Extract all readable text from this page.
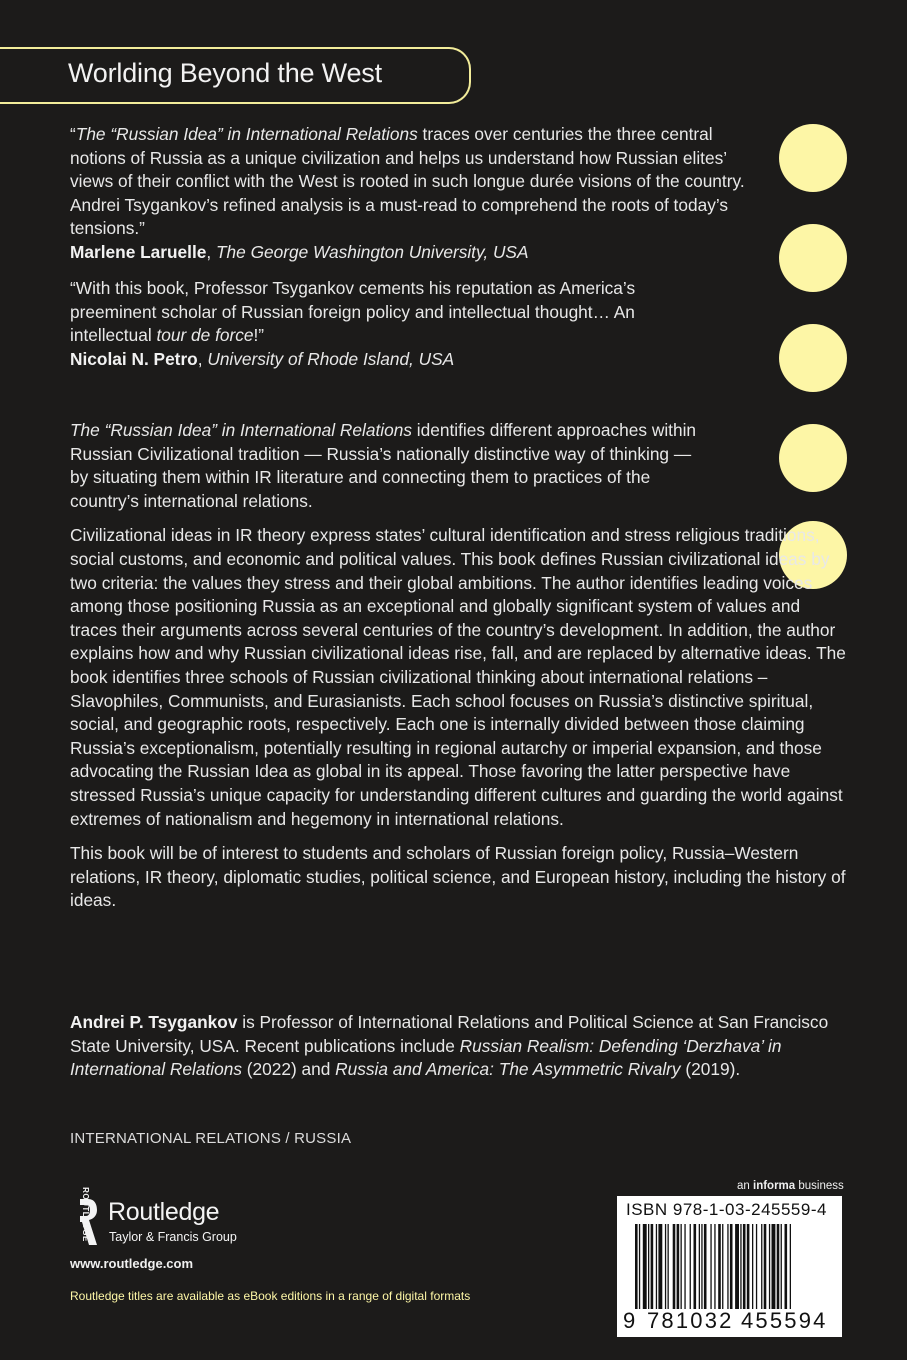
Worlding Beyond the West

“The “Russian Idea” in International Relations traces over centuries the three central notions of Russia as a unique civilization and helps us understand how Russian elites’ views of their conflict with the West is rooted in such longue durée visions of the country. Andrei Tsygankov’s refined analysis is a must-read to comprehend the roots of today’s tensions.”

Marlene Laruelle, The George Washington University, USA

“With this book, Professor Tsygankov cements his reputation as America’s preeminent scholar of Russian foreign policy and intellectual thought… An intellectual tour de force!”

Nicolai N. Petro, University of Rhode Island, USA

The “Russian Idea” in International Relations identifies different approaches within Russian Civilizational tradition — Russia’s nationally distinctive way of thinking — by situating them within IR literature and connecting them to practices of the country’s international relations.

Civilizational ideas in IR theory express states’ cultural identification and stress religious traditions, social customs, and economic and political values. This book defines Russian civilizational ideas by two criteria: the values they stress and their global ambitions. The author identifies leading voices among those positioning Russia as an exceptional and globally significant system of values and traces their arguments across several centuries of the country’s development. In addition, the author explains how and why Russian civilizational ideas rise, fall, and are replaced by alternative ideas. The book identifies three schools of Russian civilizational thinking about international relations – Slavophiles, Communists, and Eurasianists. Each school focuses on Russia’s distinctive spiritual, social, and geographic roots, respectively. Each one is internally divided between those claiming Russia’s exceptionalism, potentially resulting in regional autarchy or imperial expansion, and those advocating the Russian Idea as global in its appeal. Those favoring the latter perspective have stressed Russia’s unique capacity for understanding different cultures and guarding the world against extremes of nationalism and hegemony in international relations.

This book will be of interest to students and scholars of Russian foreign policy, Russia–Western relations, IR theory, diplomatic studies, political science, and European history, including the history of ideas.

Andrei P. Tsygankov is Professor of International Relations and Political Science at San Francisco State University, USA. Recent publications include Russian Realism: Defending ‘Derzhava’ in International Relations (2022) and Russia and America: The Asymmetric Rivalry (2019).

INTERNATIONAL RELATIONS / RUSSIA
ROUTLEDGE Routledge
Taylor & Francis Group
www.routledge.com
Routledge titles are available as eBook editions in a range of digital formats
an informa business
ISBN 978-1-03-245559-4
9 781032 455594
